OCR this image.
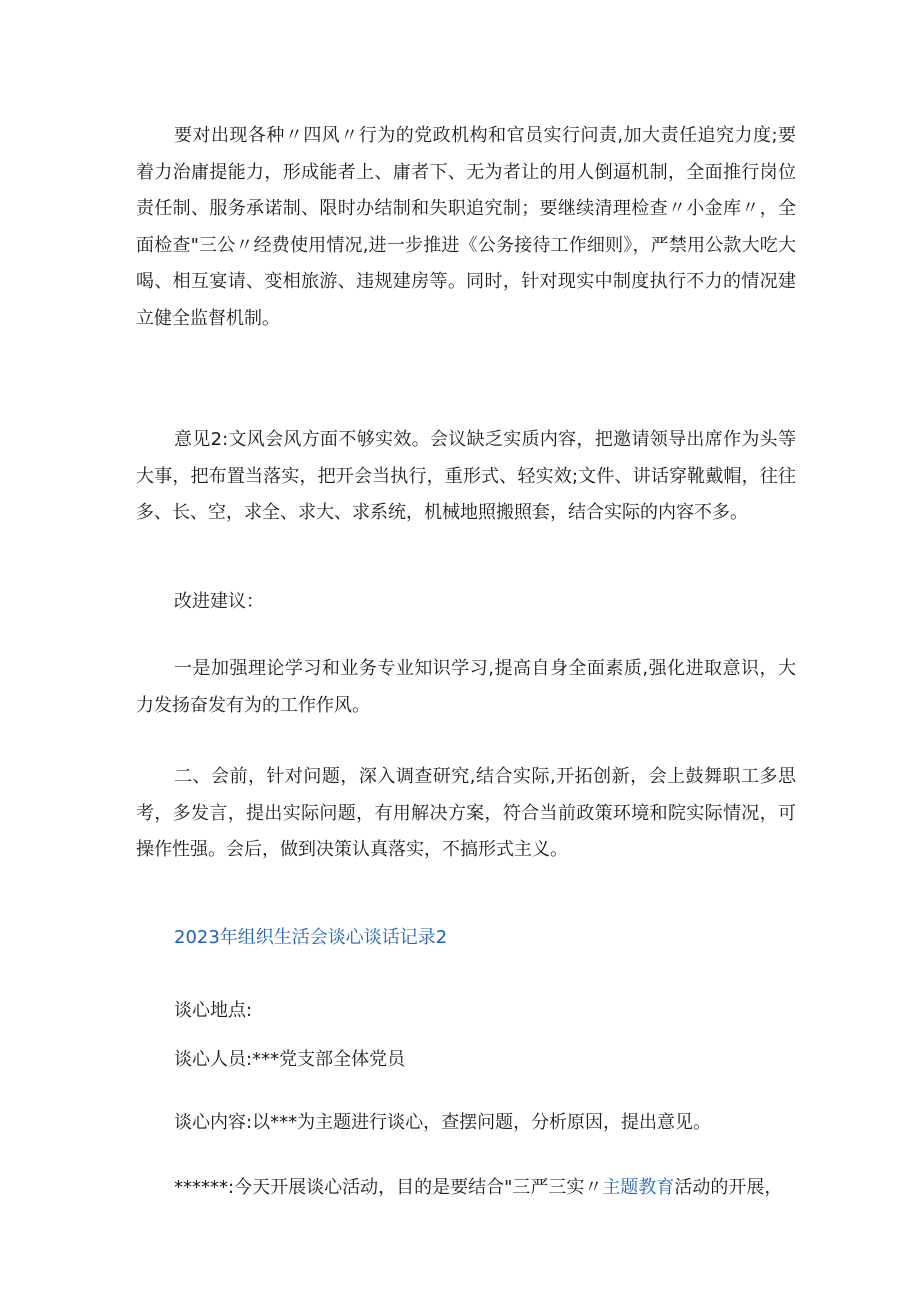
要对出现各种〃四风〃行为的党政机构和官员实行问责,加大责任追究力度;要着力治庸提能力，形成能者上、庸者下、无为者让的用人倒逼机制，全面推行岗位责任制、服务承诺制、限时办结制和失职追究制；要继续清理检查〃小金库〃，全面检查"三公〃经费使用情况,进一步推进《公务接待工作细则》，严禁用公款大吃大喝、相互宴请、变相旅游、违规建房等。同时，针对现实中制度执行不力的情况建立健全监督机制。

意见2:文风会风方面不够实效。会议缺乏实质内容，把邀请领导出席作为头等大事，把布置当落实，把开会当执行，重形式、轻实效;文件、讲话穿靴戴帽，往往多、长、空，求全、求大、求系统，机械地照搬照套，结合实际的内容不多。

改进建议：

一是加强理论学习和业务专业知识学习,提高自身全面素质,强化进取意识，大力发扬奋发有为的工作作风。

二、会前，针对问题，深入调查研究,结合实际,开拓创新，会上鼓舞职工多思考，多发言，提出实际问题，有用解决方案，符合当前政策环境和院实际情况，可操作性强。会后，做到决策认真落实，不搞形式主义。

2023年组织生活会谈心谈话记录2

谈心地点:

谈心人员:***党支部全体党员

谈心内容:以***为主题进行谈心，查摆问题，分析原因，提出意见。

******:今天开展谈心活动，目的是要结合"三严三实〃主题教育活动的开展，
